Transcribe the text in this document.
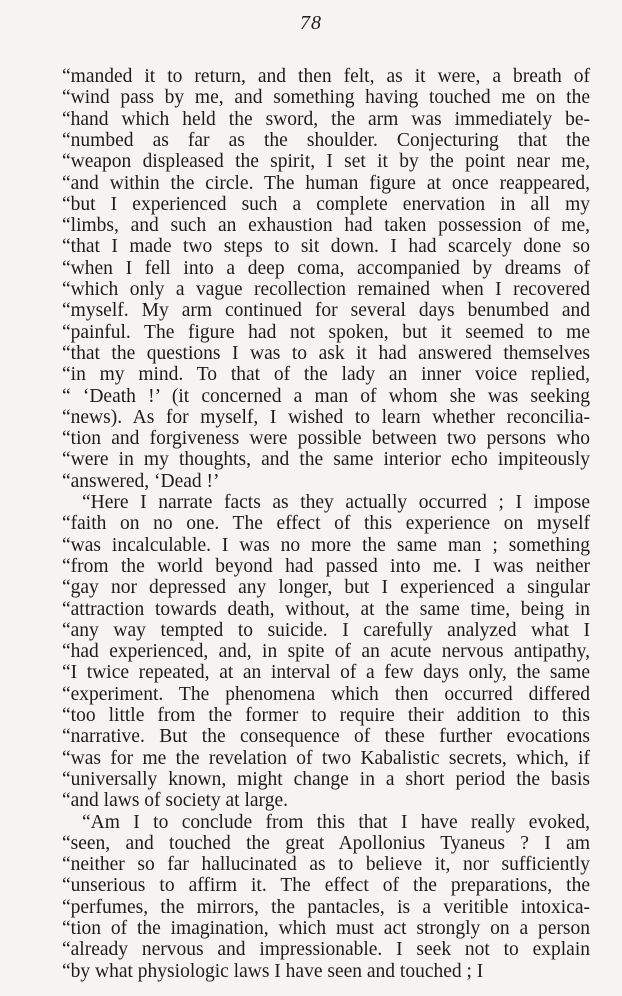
78
“manded it to return, and then felt, as it were, a breath of
“wind pass by me, and something having touched me on the
“hand which held the sword, the arm was immediately be-
“numbed as far as the shoulder. Conjecturing that the
“weapon displeased the spirit, I set it by the point near me,
“and within the circle. The human figure at once reappeared,
“but I experienced such a complete enervation in all my
“limbs, and such an exhaustion had taken possession of me,
“that I made two steps to sit down. I had scarcely done so
“when I fell into a deep coma, accompanied by dreams of
“which only a vague recollection remained when I recovered
“myself. My arm continued for several days benumbed and
“painful. The figure had not spoken, but it seemed to me
“that the questions I was to ask it had answered themselves
“in my mind. To that of the lady an inner voice replied,
“ ‘Death !’ (it concerned a man of whom she was seeking
“news). As for myself, I wished to learn whether reconcilia-
“tion and forgiveness were possible between two persons who
“were in my thoughts, and the same interior echo impiteously
“answered, ‘Dead !’
“Here I narrate facts as they actually occurred ; I impose
“faith on no one. The effect of this experience on myself
“was incalculable. I was no more the same man ; something
“from the world beyond had passed into me. I was neither
“gay nor depressed any longer, but I experienced a singular
“attraction towards death, without, at the same time, being in
“any way tempted to suicide. I carefully analyzed what I
“had experienced, and, in spite of an acute nervous antipathy,
“I twice repeated, at an interval of a few days only, the same
“experiment. The phenomena which then occurred differed
“too little from the former to require their addition to this
“narrative. But the consequence of these further evocations
“was for me the revelation of two Kabalistic secrets, which, if
“universally known, might change in a short period the basis
“and laws of society at large.
“Am I to conclude from this that I have really evoked,
“seen, and touched the great Apollonius Tyaneus ? I am
“neither so far hallucinated as to believe it, nor sufficiently
“unserious to affirm it. The effect of the preparations, the
“perfumes, the mirrors, the pantacles, is a veritible intoxica-
“tion of the imagination, which must act strongly on a person
“already nervous and impressionable. I seek not to explain
“by what physiologic laws I have seen and touched ; I
